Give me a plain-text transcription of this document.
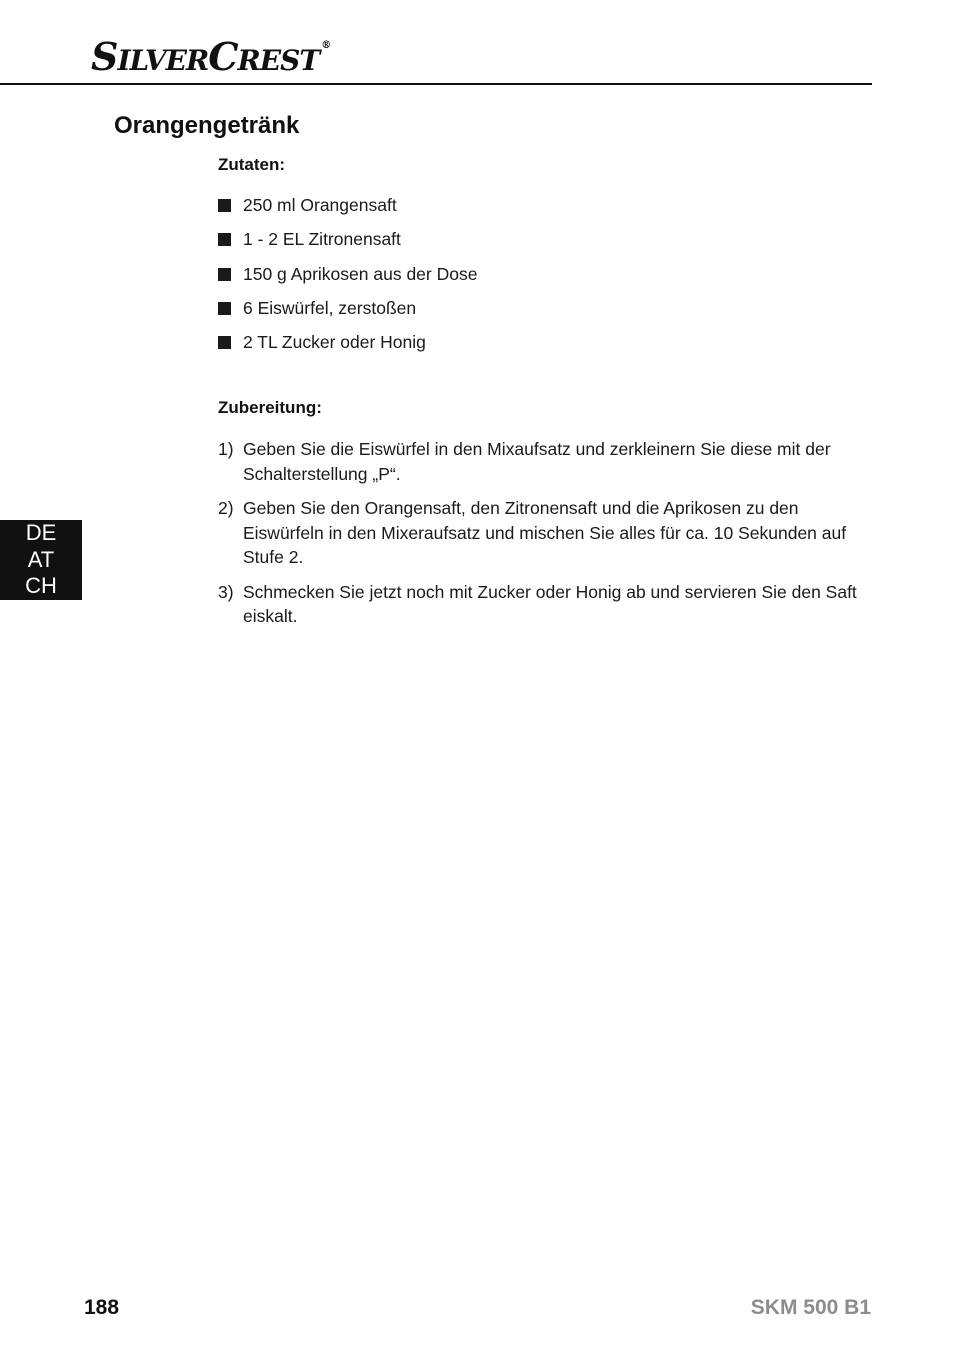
SILVERCREST ®
Orangengetränk
Zutaten:
250 ml Orangensaft
1 - 2 EL Zitronensaft
150 g Aprikosen aus der Dose
6 Eiswürfel, zerstoßen
2 TL Zucker oder Honig
Zubereitung:
1) Geben Sie die Eiswürfel in den Mixaufsatz und zerkleinern Sie diese mit der Schalterstellung „P“.
2) Geben Sie den Orangensaft, den Zitronensaft und die Aprikosen zu den Eiswürfeln in den Mixeraufsatz und mischen Sie alles für ca. 10 Sekunden auf Stufe 2.
3) Schmecken Sie jetzt noch mit Zucker oder Honig ab und servieren Sie den Saft eiskalt.
DE
AT
CH
188	SKM 500 B1
